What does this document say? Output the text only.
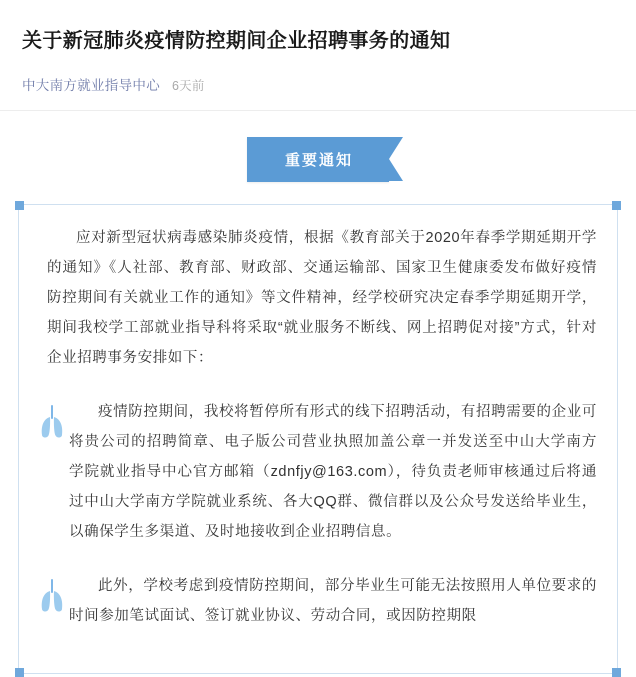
关于新冠肺炎疫情防控期间企业招聘事务的通知
中大南方就业指导中心 6天前
重要通知

应对新型冠状病毒感染肺炎疫情，根据《教育部关于2020年春季学期延期开学的通知》《人社部、教育部、财政部、交通运输部、国家卫生健康委发布做好疫情防控期间有关就业工作的通知》等文件精神，经学校研究决定春季学期延期开学，期间我校学工部就业指导科将采取“就业服务不断线、网上招聘促对接”方式，针对企业招聘事务安排如下：

疫情防控期间，我校将暂停所有形式的线下招聘活动，有招聘需要的企业可将贵公司的招聘简章、电子版公司营业执照加盖公章一并发送至中山大学南方学院就业指导中心官方邮箱（zdnfjy@163.com），待负责老师审核通过后将通过中山大学南方学院就业系统、各大QQ群、微信群以及公众号发送给毕业生，以确保学生多渠道、及时地接收到企业招聘信息。

此外，学校考虑到疫情防控期间，部分毕业生可能无法按照用人单位要求的时间参加笔试面试、签订就业协议、劳动合同，或因防控期限
